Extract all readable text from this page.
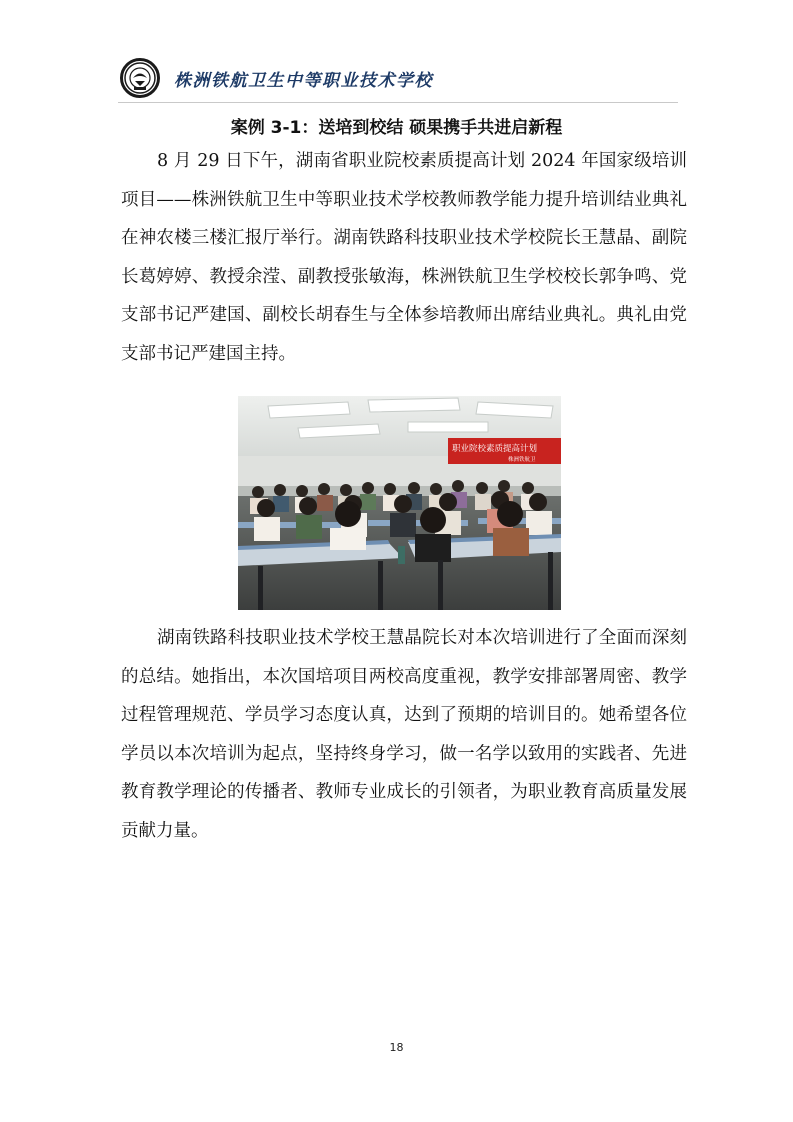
株洲铁航卫生中等职业技术学校
案例 3-1：送培到校结 硕果携手共进启新程

8 月 29 日下午，湖南省职业院校素质提高计划 2024 年国家级培训项目——株洲铁航卫生中等职业技术学校教师教学能力提升培训结业典礼在神农楼三楼汇报厅举行。湖南铁路科技职业技术学校院长王慧晶、副院长葛婷婷、教授余滢、副教授张敏海，株洲铁航卫生学校校长郭争鸣、党支部书记严建国、副校长胡春生与全体参培教师出席结业典礼。典礼由党支部书记严建国主持。

职业院校素质提高计划
株洲铁航卫

湖南铁路科技职业技术学校王慧晶院长对本次培训进行了全面而深刻的总结。她指出，本次国培项目两校高度重视，教学安排部署周密、教学过程管理规范、学员学习态度认真，达到了预期的培训目的。她希望各位学员以本次培训为起点，坚持终身学习，做一名学以致用的实践者、先进教育教学理论的传播者、教师专业成长的引领者，为职业教育高质量发展贡献力量。

18
